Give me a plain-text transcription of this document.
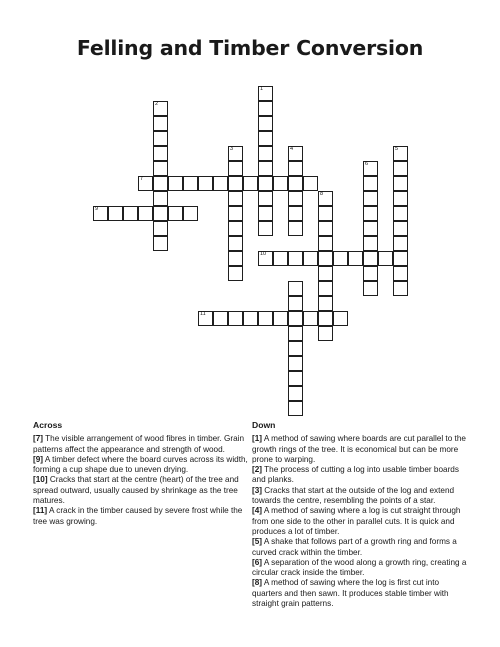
Felling and Timber Conversion
1
2
3	4	5
6
7
8
9
10
11
Across

[7] The visible arrangement of wood fibres in timber. Grain patterns affect the appearance and strength of wood.

[9] A timber defect where the board curves across its width, forming a cup shape due to uneven drying.

[10] Cracks that start at the centre (heart) of the tree and spread outward, usually caused by shrinkage as the tree matures.

[11] A crack in the timber caused by severe frost while the tree was growing.

Down

[1] A method of sawing where boards are cut parallel to the growth rings of the tree. It is economical but can be more prone to warping.

[2] The process of cutting a log into usable timber boards and planks.

[3] Cracks that start at the outside of the log and extend towards the centre, resembling the points of a star.

[4] A method of sawing where a log is cut straight through from one side to the other in parallel cuts. It is quick and produces a lot of timber.

[5] A shake that follows part of a growth ring and forms a curved crack within the timber.

[6] A separation of the wood along a growth ring, creating a circular crack inside the timber.

[8] A method of sawing where the log is first cut into quarters and then sawn. It produces stable timber with straight grain patterns.
